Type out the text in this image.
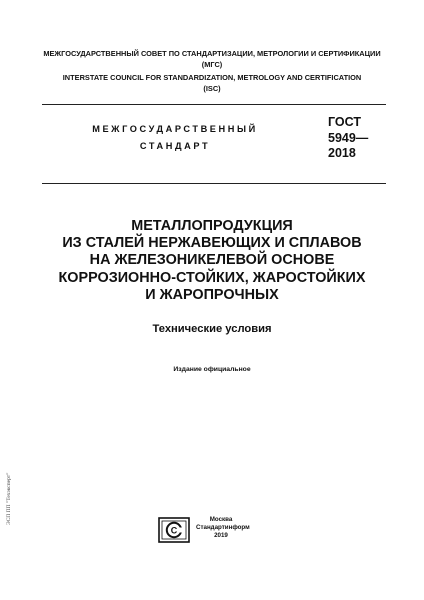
МЕЖГОСУДАРСТВЕННЫЙ СОВЕТ ПО СТАНДАРТИЗАЦИИ, МЕТРОЛОГИИ И СЕРТИФИКАЦИИ
(МГС)
INTERSTATE COUNCIL FOR STANDARDIZATION, METROLOGY AND CERTIFICATION
(ISC)
МЕЖГОСУДАРСТВЕННЫЙ
СТАНДАРТ
ГОСТ
5949—
2018
МЕТАЛЛОПРОДУКЦИЯ
ИЗ СТАЛЕЙ НЕРЖАВЕЮЩИХ И СПЛАВОВ
НА ЖЕЛЕЗОНИКЕЛЕВОЙ ОСНОВЕ
КОРРОЗИОННО-СТОЙКИХ, ЖАРОСТОЙКИХ
И ЖАРОПРОЧНЫХ
Технические условия
Издание официальное
С
Москва
Стандартинформ
2019
ЭСП ПП "Техэксперт"
